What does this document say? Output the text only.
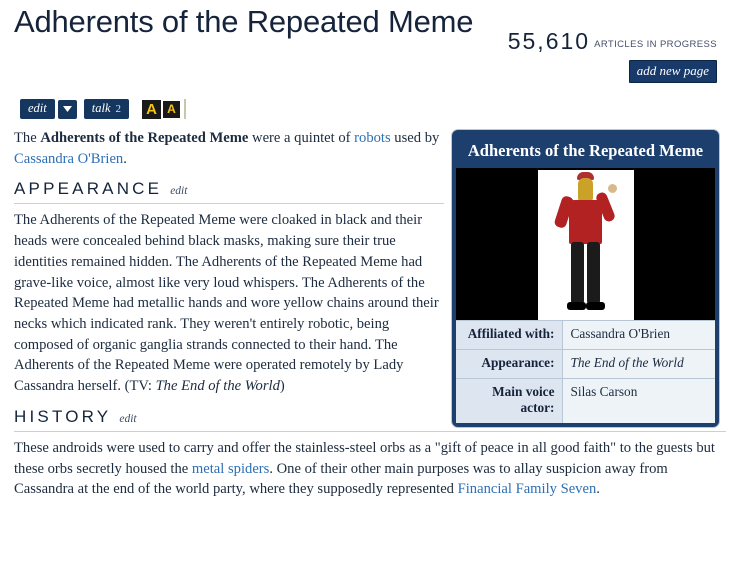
Adherents of the Repeated Meme
55,610 ARTICLES IN PROGRESS
add new page
edit	talk 2 A A
Adherents of the Repeated Meme
Affiliated with:	Cassandra O'Brien
Appearance:	The End of the World
Main voice actor:	Silas Carson

The Adherents of the Repeated Meme were a quintet of robots used by Cassandra O'Brien.

APPEARANCE edit

The Adherents of the Repeated Meme were cloaked in black and their heads were concealed behind black masks, making sure their true identities remained hidden. The Adherents of the Repeated Meme had grave-like voice, almost like very loud whispers. The Adherents of the Repeated Meme had metallic hands and wore yellow chains around their necks which indicated rank. They weren't entirely robotic, being composed of organic ganglia strands connected to their hand. The Adherents of the Repeated Meme were operated remotely by Lady Cassandra herself. (TV: The End of the World)

HISTORY edit

These androids were used to carry and offer the stainless-steel orbs as a "gift of peace in all good faith" to the guests but these orbs secretly housed the metal spiders. One of their other main purposes was to allay suspicion away from Cassandra at the end of the world party, where they supposedly represented Financial Family Seven.
